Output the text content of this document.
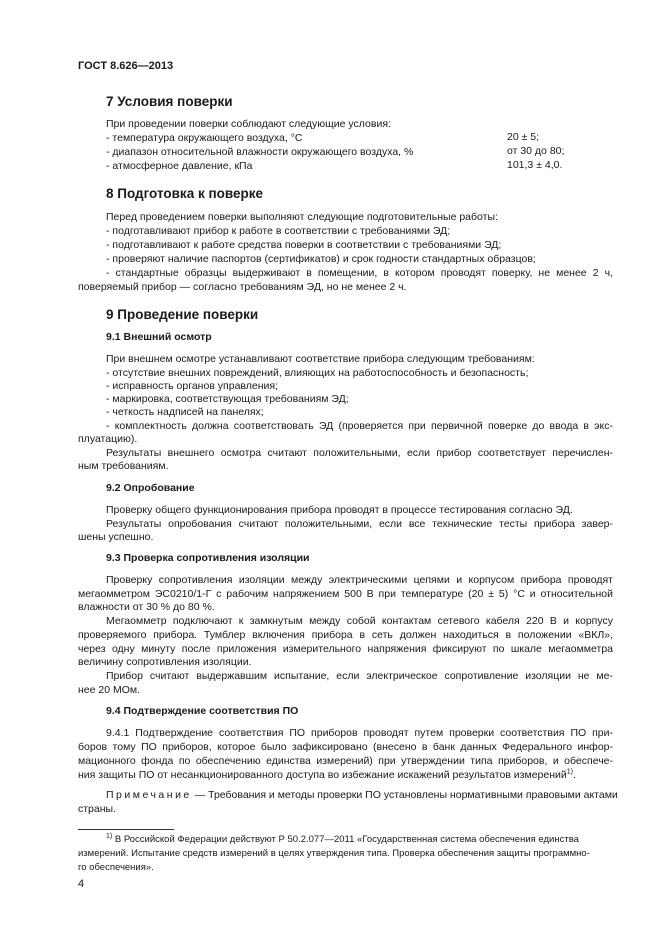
ГОСТ 8.626—2013
7 Условия поверки
При проведении поверки соблюдают следующие условия:
- температура окружающего воздуха, °С	20 ± 5;
- диапазон относительной влажности окружающего воздуха, %	от 30 до 80;
- атмосферное давление, кПа	101,3 ± 4,0.
8 Подготовка к поверке
Перед проведением поверки выполняют следующие подготовительные работы:
- подготавливают прибор к работе в соответствии с требованиями ЭД;
- подготавливают к работе средства поверки в соответствии с требованиями ЭД;
- проверяют наличие паспортов (сертификатов) и срок годности стандартных образцов;
- стандартные образцы выдерживают в помещении, в котором проводят поверку, не менее 2 ч,
поверяемый прибор — согласно требованиям ЭД, но не менее 2 ч.
9 Проведение поверки
9.1 Внешний осмотр
При внешнем осмотре устанавливают соответствие прибора следующим требованиям:
- отсутствие внешних повреждений, влияющих на работоспособность и безопасность;
- исправность органов управления;
- маркировка, соответствующая требованиям ЭД;
- четкость надписей на панелях;
- комплектность должна соответствовать ЭД (проверяется при первичной поверке до ввода в экс-
плуатацию).
Результаты внешнего осмотра считают положительными, если прибор соответствует перечислен-
ным требованиям.
9.2 Опробование
Проверку общего функционирования прибора проводят в процессе тестирования согласно ЭД.
Результаты опробования считают положительными, если все технические тесты прибора завер-
шены успешно.
9.3 Проверка сопротивления изоляции
Проверку сопротивления изоляции между электрическими цепями и корпусом прибора проводят
мегаомметром ЭС0210/1-Г с рабочим напряжением 500 В при температуре (20 ± 5) °С и относительной
влажности от 30 % до 80 %.
Мегаомметр подключают к замкнутым между собой контактам сетевого кабеля 220 В и корпусу
проверяемого прибора. Тумблер включения прибора в сеть должен находиться в положении «ВКЛ»,
через одну минуту после приложения измерительного напряжения фиксируют по шкале мегаомметра
величину сопротивления изоляции.
Прибор считают выдержавшим испытание, если электрическое сопротивление изоляции не ме-
нее 20 МОм.
9.4 Подтверждение соответствия ПО
9.4.1 Подтверждение соответствия ПО приборов проводят путем проверки соответствия ПО при-
боров тому ПО приборов, которое было зафиксировано (внесено в банк данных Федерального инфор-
мационного фонда по обеспечению единства измерений) при утверждении типа приборов, и обеспече-
ния защиты ПО от несанкционированного доступа во избежание искажений результатов измерений$^{1)}$.
Примечание — Требования и методы проверки ПО установлены нормативными правовыми актами
страны.
$^{1)}$ В Российской Федерации действуют Р 50.2.077—2011 «Государственная система обеспечения единства
измерений. Испытание средств измерений в целях утверждения типа. Проверка обеспечения защиты программно-
го обеспечения».
4
